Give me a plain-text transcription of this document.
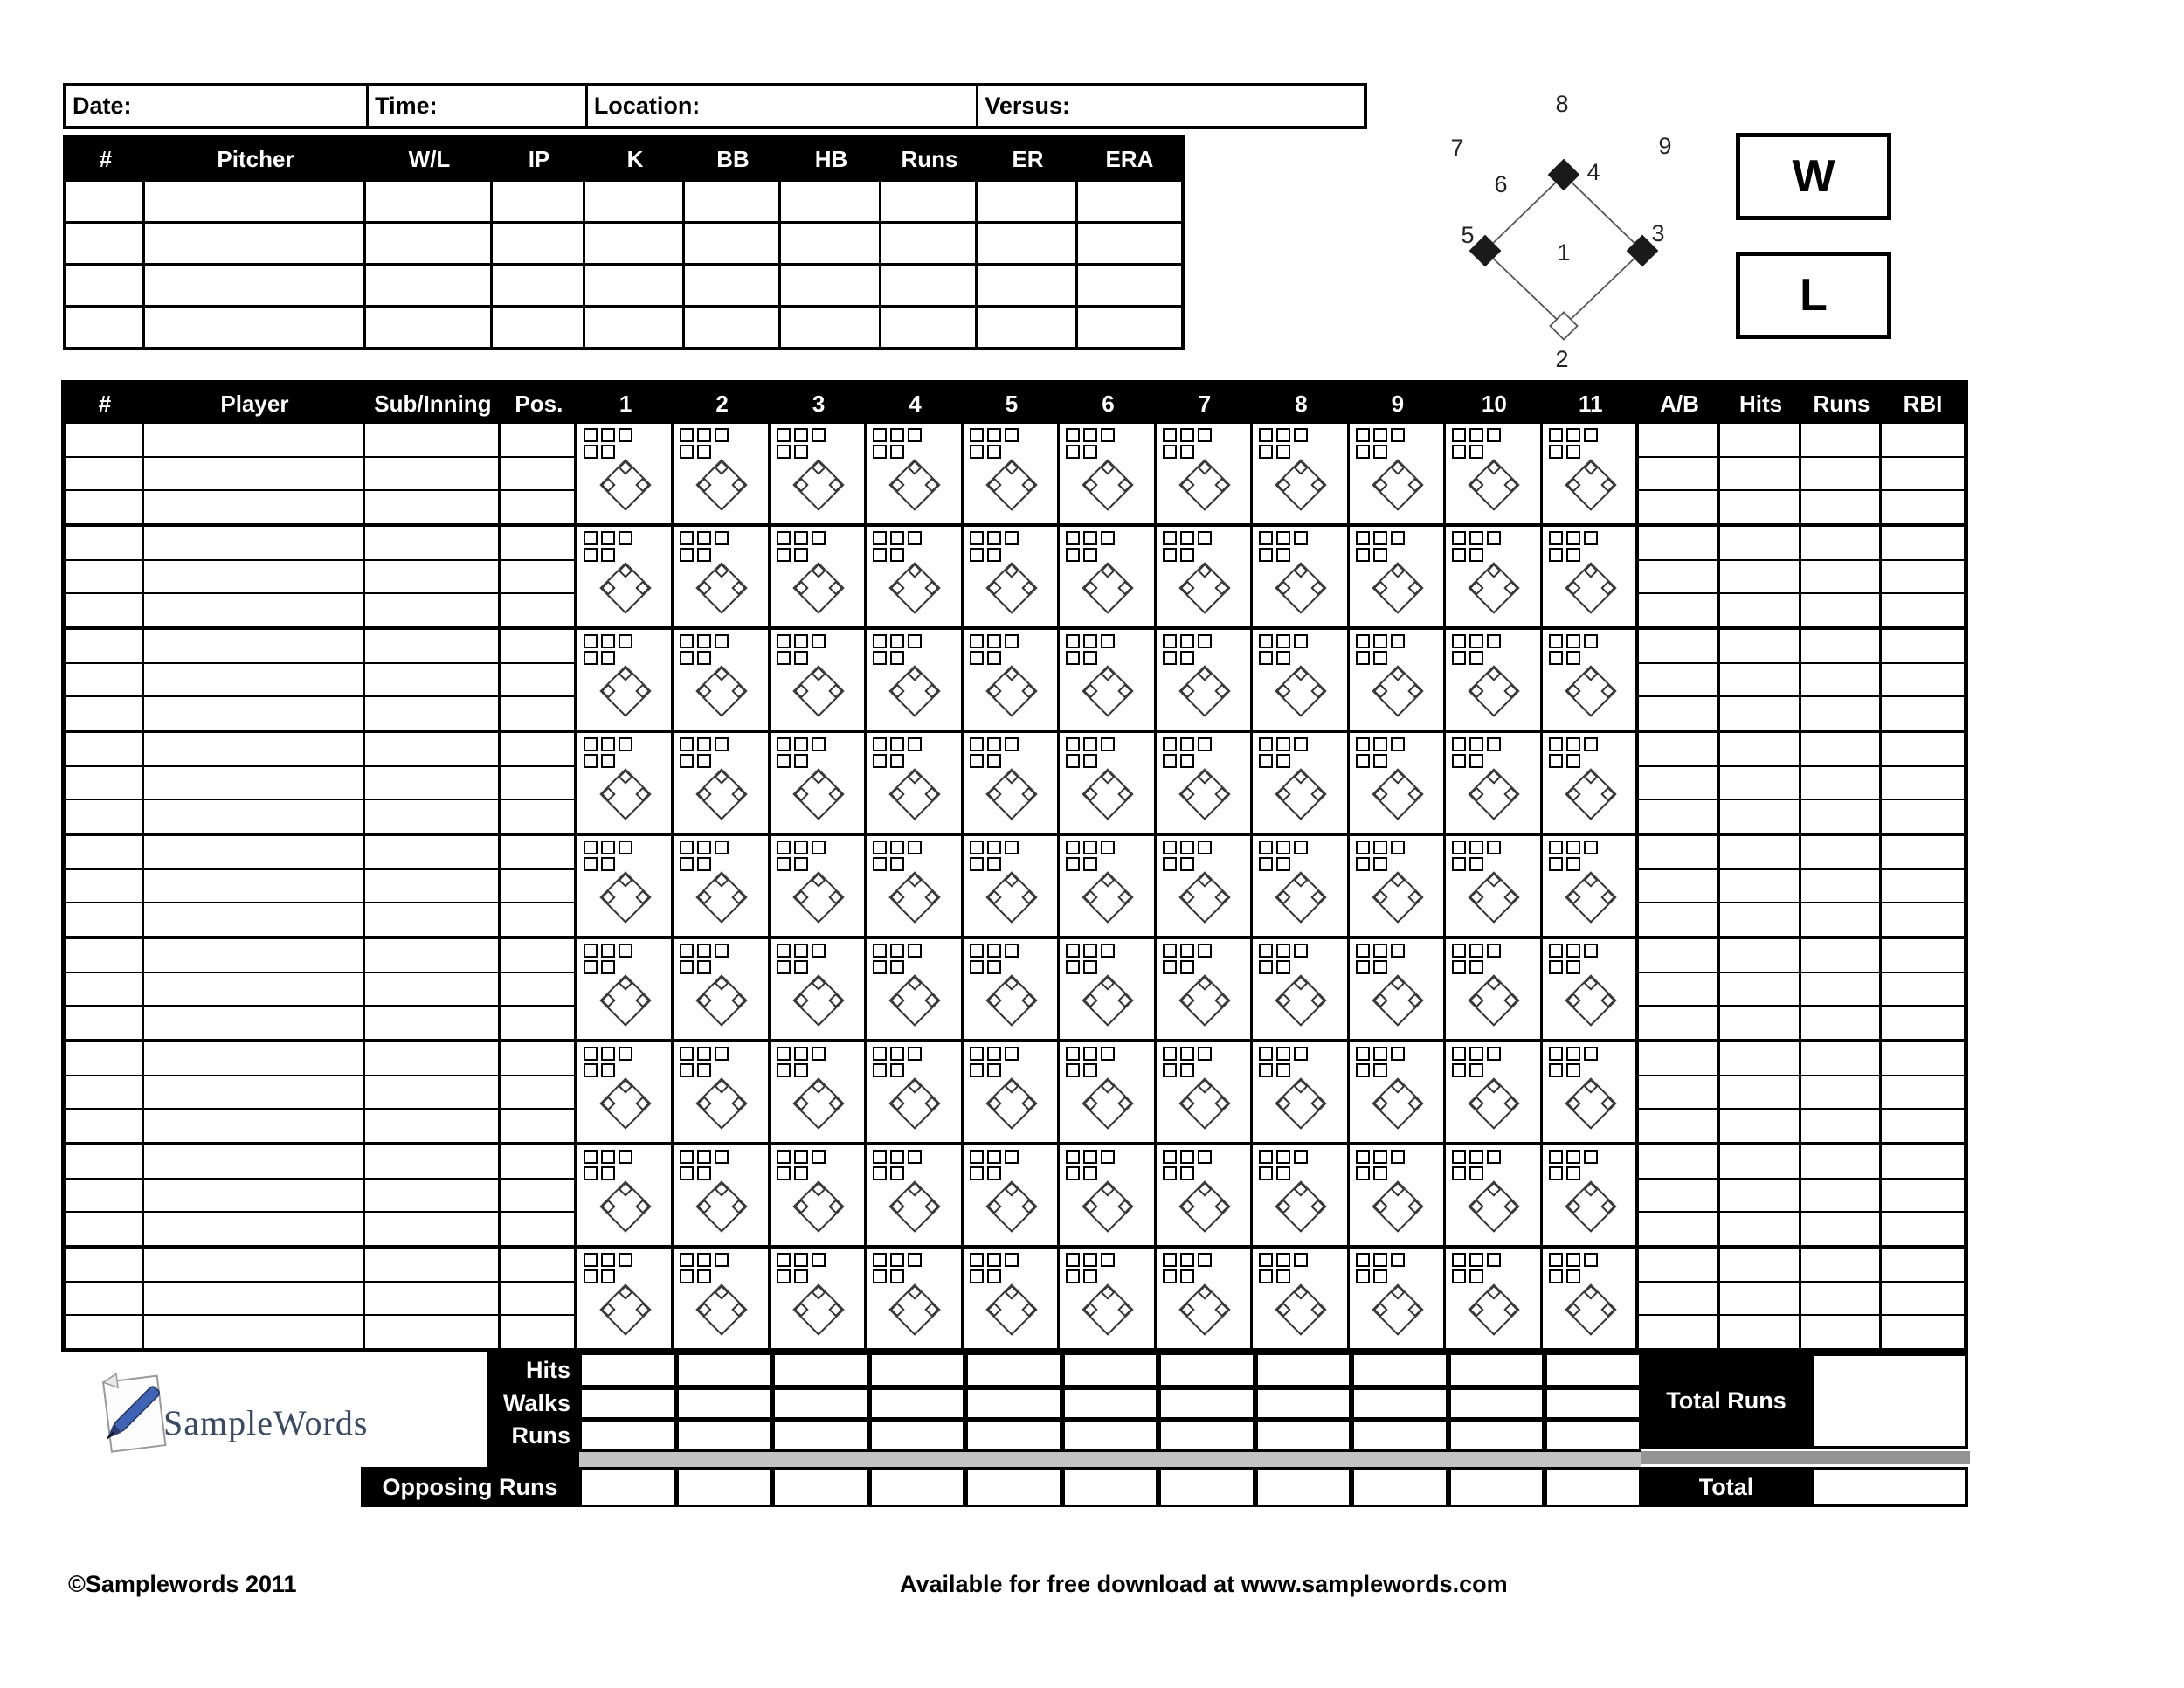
Date:	Time:	Location:	Versus:
#	Pitcher	W/L	IP	K	BB	HB	Runs	ER	ERA
8
7	9
6	4
5	3
1
2
W
L
#	Player	Sub/Inning	Pos.	1	2	3	4	5	6	7	8	9	10	11	A/B	Hits	Runs	RBI
Hits
Walks
Runs
Opposing Runs
Total Runs
Total
SampleWords
©Samplewords 2011	Available for free download at www.samplewords.com
